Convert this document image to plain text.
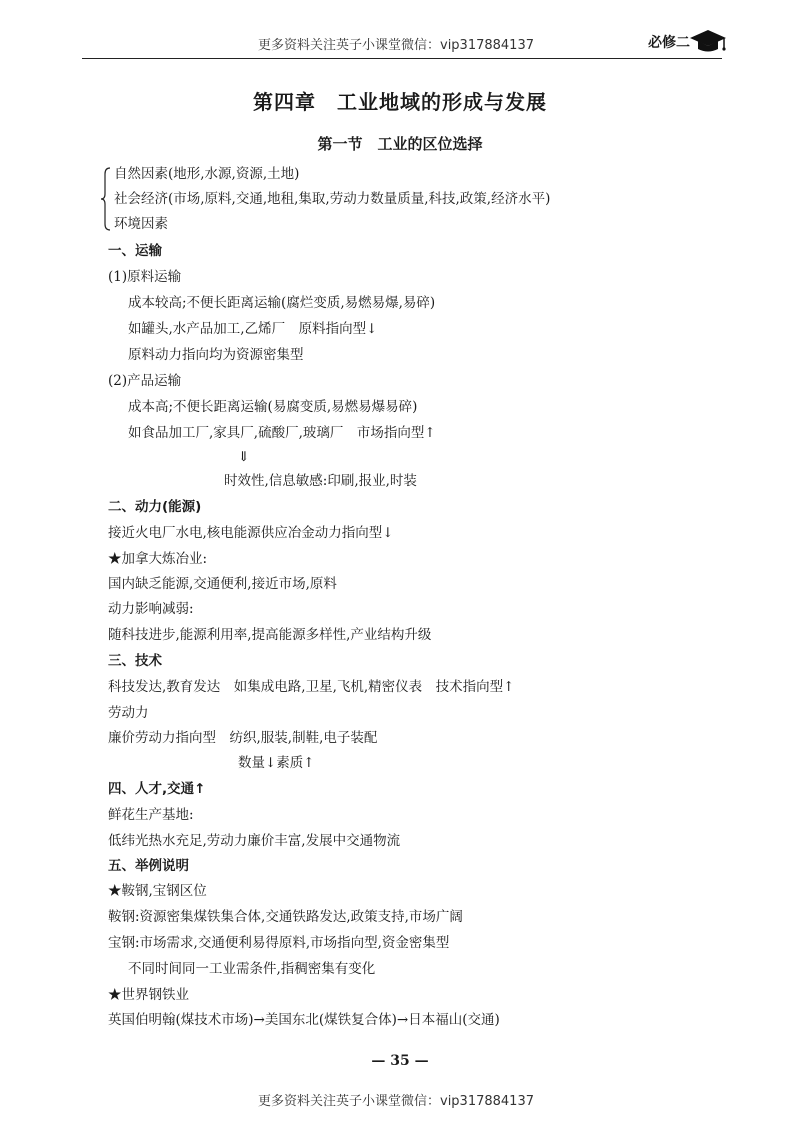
更多资料关注英子小课堂微信：vip317884137	必修二
第四章　工业地域的形成与发展
第一节　工业的区位选择
自然因素(地形,水源,资源,土地)
社会经济(市场,原料,交通,地租,集取,劳动力数量质量,科技,政策,经济水平)
环境因素
一、运输
(1)原料运输
成本较高;不便长距离运输(腐烂变质,易燃易爆,易碎)
如罐头,水产品加工,乙烯厂　原料指向型↓
原料动力指向均为资源密集型
(2)产品运输
成本高;不便长距离运输(易腐变质,易燃易爆易碎)
如食品加工厂,家具厂,硫酸厂,玻璃厂　市场指向型↑
⇓
时效性,信息敏感:印刷,报业,时装
二、动力(能源)
接近火电厂水电,核电能源供应冶金动力指向型↓
★加拿大炼冶业:
国内缺乏能源,交通便利,接近市场,原料
动力影响减弱:
随科技进步,能源利用率,提高能源多样性,产业结构升级
三、技术
科技发达,教育发达　如集成电路,卫星,飞机,精密仪表　技术指向型↑
劳动力
廉价劳动力指向型　纺织,服装,制鞋,电子装配
数量↓素质↑
四、人才,交通↑
鲜花生产基地:
低纬光热水充足,劳动力廉价丰富,发展中交通物流
五、举例说明
★鞍钢,宝钢区位
鞍钢:资源密集煤铁集合体,交通铁路发达,政策支持,市场广阔
宝钢:市场需求,交通便利易得原料,市场指向型,资金密集型
不同时间同一工业需条件,指稠密集有变化
★世界钢铁业
英国伯明翰(煤技术市场)→美国东北(煤铁复合体)→日本福山(交通)
— 35 —
更多资料关注英子小课堂微信：vip317884137
